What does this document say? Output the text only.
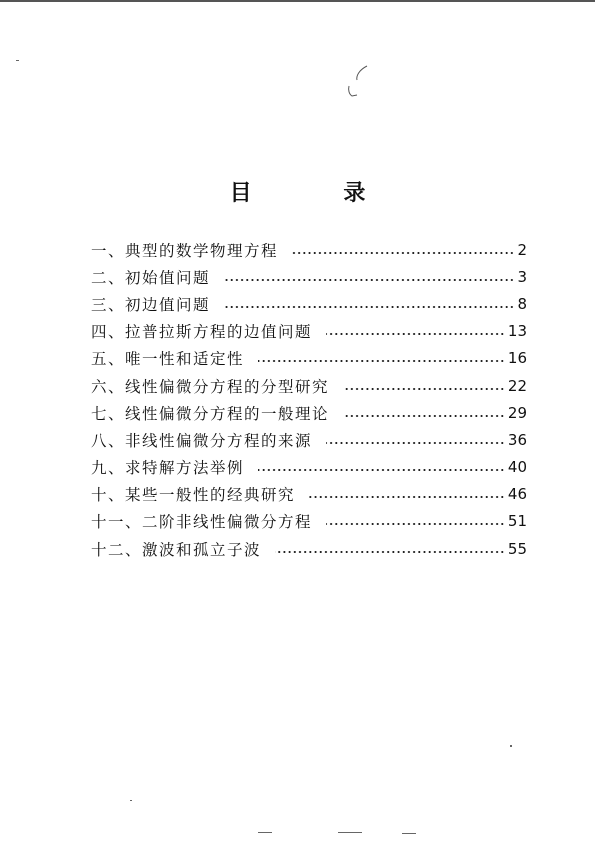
目 录
一、典型的数学物理方程	2
二、初始值问题	3
三、初边值问题	8
四、拉普拉斯方程的边值问题	13
五、唯一性和适定性	16
六、线性偏微分方程的分型研究	22
七、线性偏微分方程的一般理论	29
八、非线性偏微分方程的来源	36
九、求特解方法举例	40
十、某些一般性的经典研究	46
十一、二阶非线性偏微分方程	51
十二、激波和孤立子波	55
